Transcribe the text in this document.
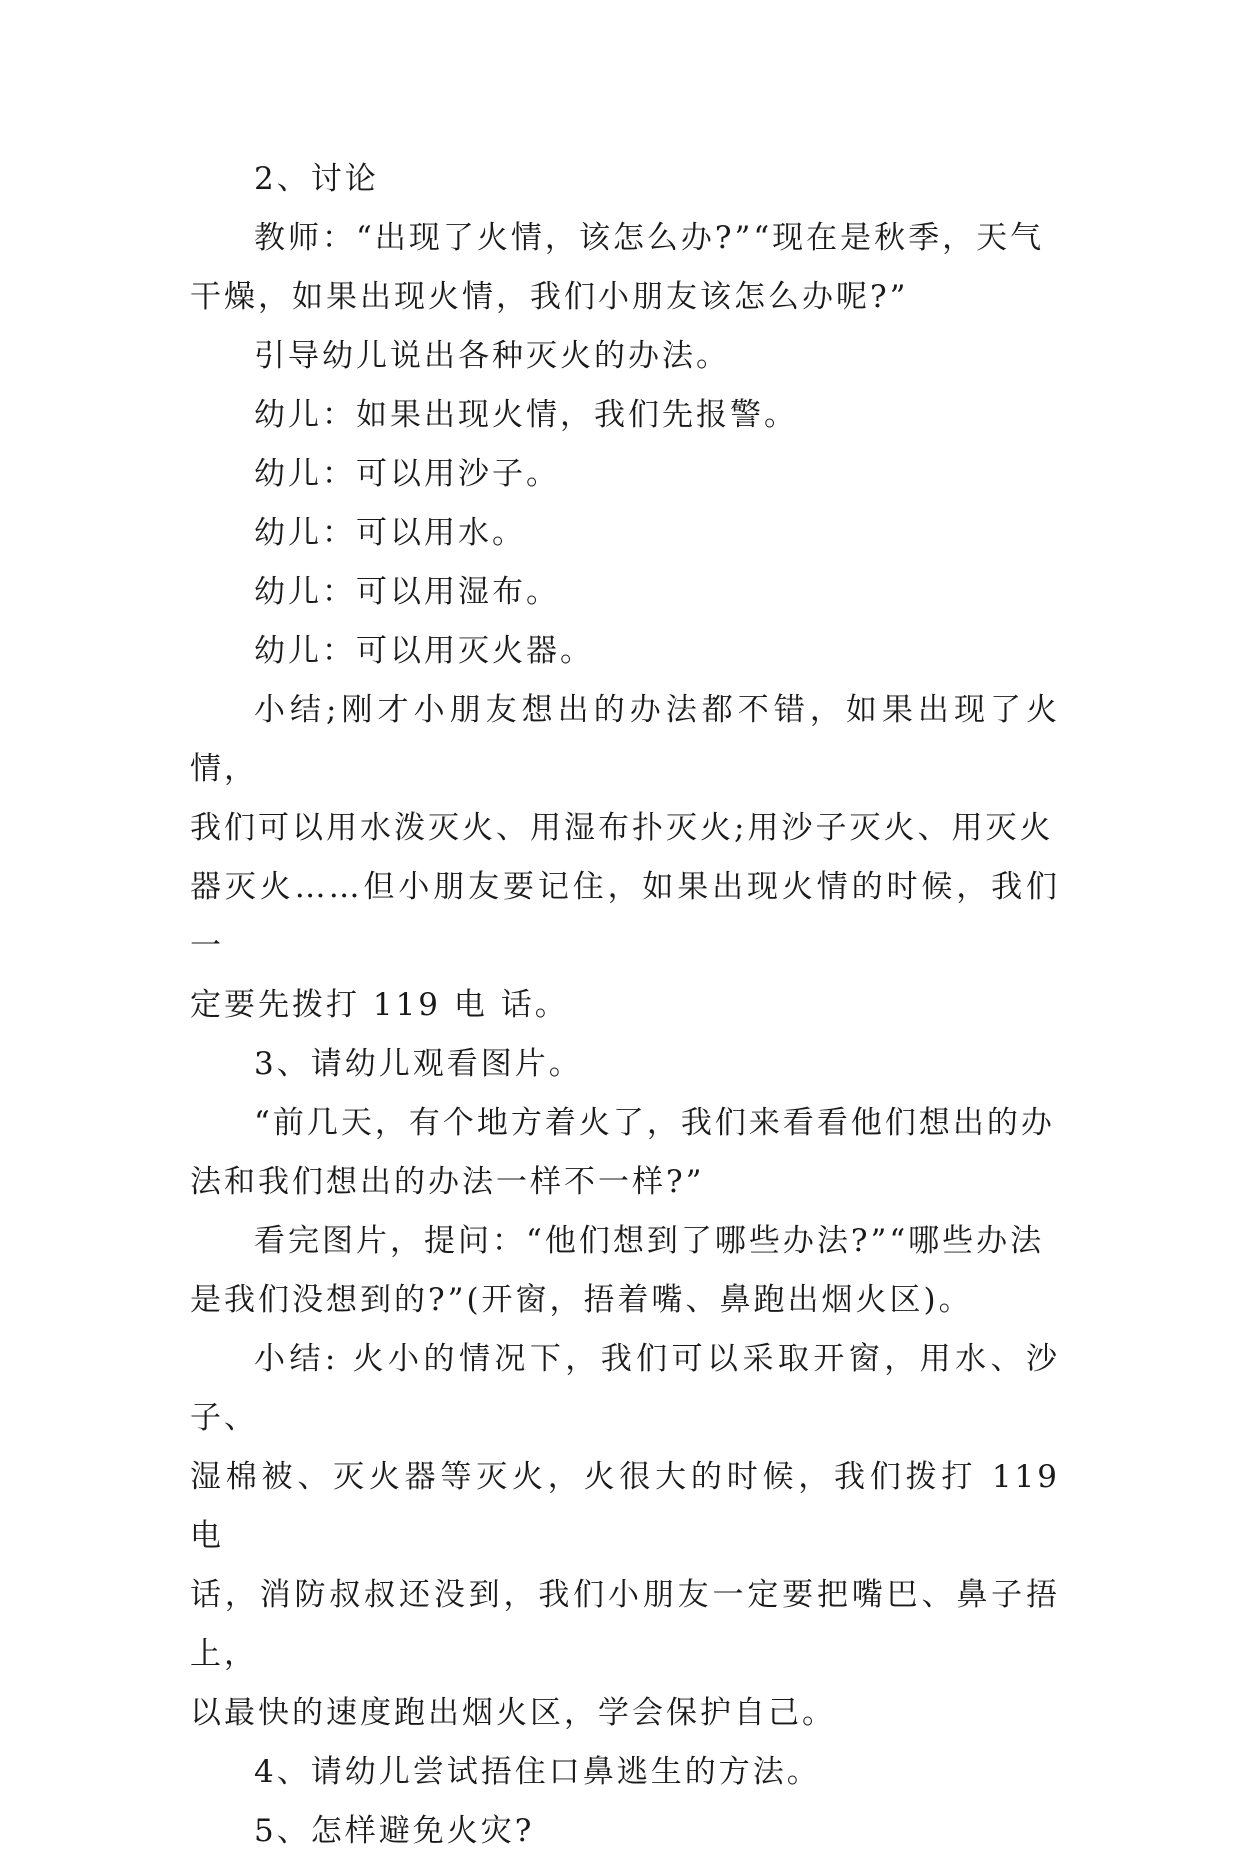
2、讨论

教师：“出现了火情，该怎么办?”“现在是秋季，天气
干燥，如果出现火情，我们小朋友该怎么办呢?”

引导幼儿说出各种灭火的办法。

幼儿：如果出现火情，我们先报警。

幼儿：可以用沙子。

幼儿：可以用水。

幼儿：可以用湿布。

幼儿：可以用灭火器。

小结;刚才小朋友想出的办法都不错，如果出现了火情，
我们可以用水泼灭火、用湿布扑灭火;用沙子灭火、用灭火
器灭火……但小朋友要记住，如果出现火情的时候，我们一
定要先拨打 119 电 话。

3、请幼儿观看图片。

“前几天，有个地方着火了，我们来看看他们想出的办
法和我们想出的办法一样不一样?”

看完图片，提问：“他们想到了哪些办法?”“哪些办法
是我们没想到的?”(开窗，捂着嘴、鼻跑出烟火区)。

小结: 火小的情况下，我们可以采取开窗，用水、沙子、
湿棉被、灭火器等灭火，火很大的时候，我们拨打 119 电
话，消防叔叔还没到，我们小朋友一定要把嘴巴、鼻子捂上，
以最快的速度跑出烟火区，学会保护自己。

4、请幼儿尝试捂住口鼻逃生的方法。

5、怎样避免火灾?
